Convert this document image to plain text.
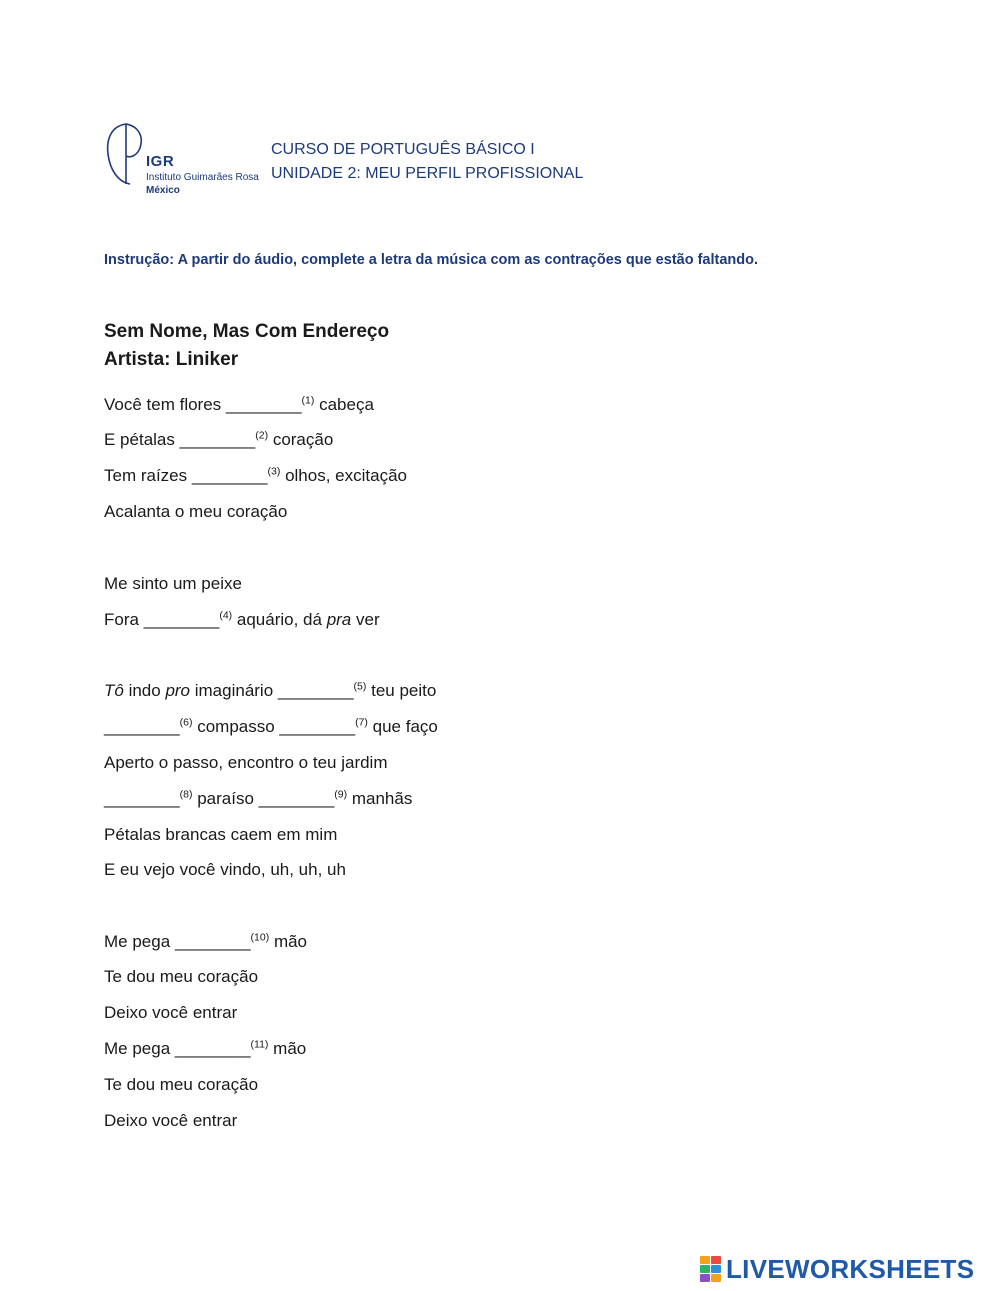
IGR
Instituto Guimarães Rosa
México
CURSO DE PORTUGUÊS BÁSICO I
UNIDADE 2: MEU PERFIL PROFISSIONAL
Instrução: A partir do áudio, complete a letra da música com as contrações que estão faltando.
Sem Nome, Mas Com Endereço
Artista: Liniker
Você tem flores ________$^{(1)}$ cabeça
E pétalas ________$^{(2)}$ coração
Tem raízes ________$^{(3)}$ olhos, excitação
Acalanta o meu coração
Me sinto um peixe
Fora ________$^{(4)}$ aquário, dá pra ver
Tô indo pro imaginário ________$^{(5)}$ teu peito
________$^{(6)}$ compasso ________$^{(7)}$ que faço
Aperto o passo, encontro o teu jardim
________$^{(8)}$ paraíso ________$^{(9)}$ manhãs
Pétalas brancas caem em mim
E eu vejo você vindo, uh, uh, uh
Me pega ________$^{(10)}$ mão
Te dou meu coração
Deixo você entrar
Me pega ________$^{(11)}$ mão
Te dou meu coração
Deixo você entrar
LIVEWORKSHEETS
